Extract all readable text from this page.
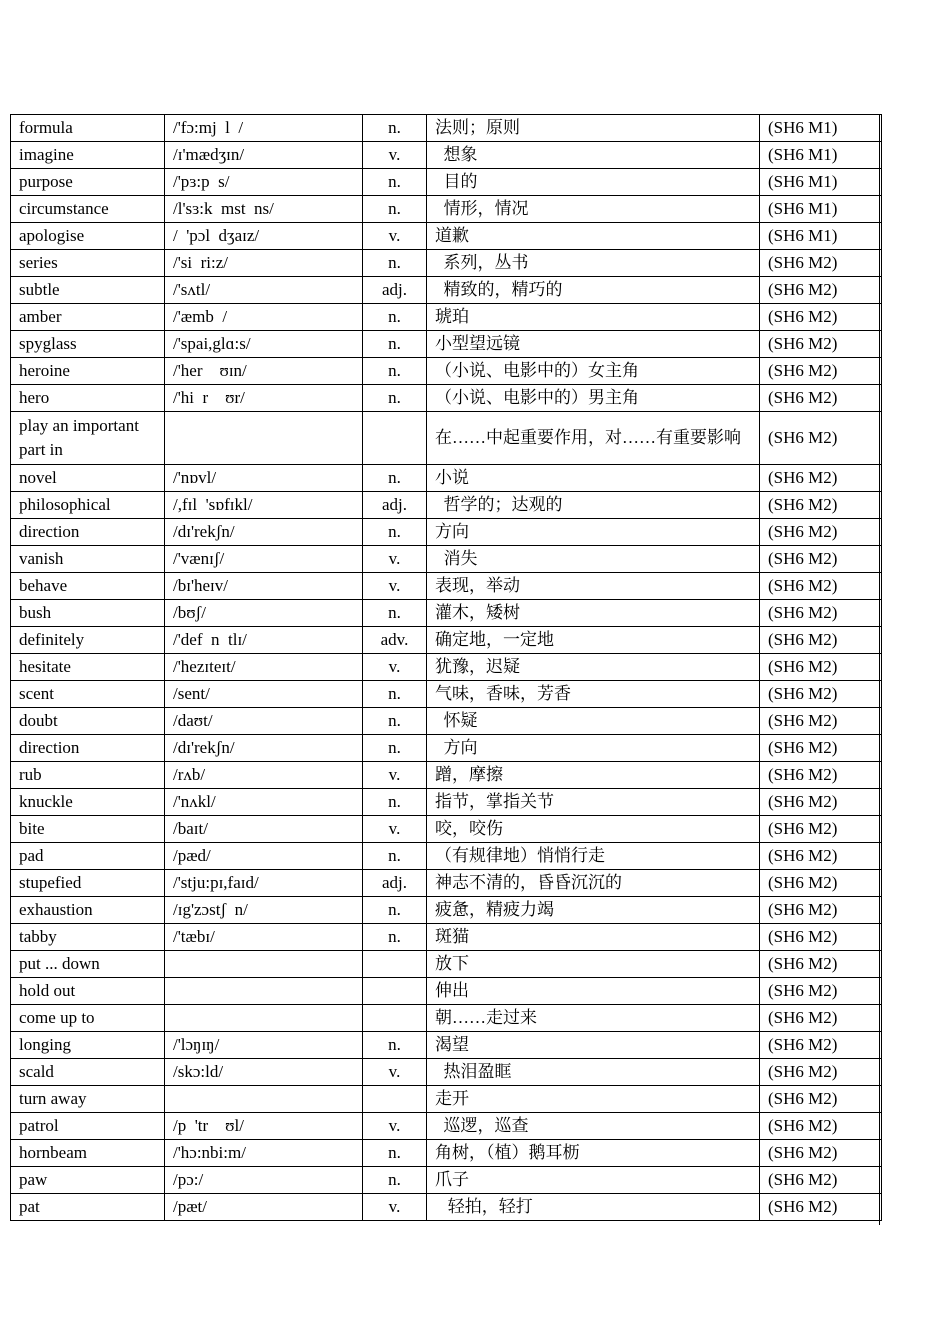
formula	/'fɔ:mj  l  /	n.	法则；原则	(SH6 M1)
imagine	/ɪ'mædʒɪn/	v.	想象	(SH6 M1)
purpose	/'pɜ:p  s/	n.	目的	(SH6 M1)
circumstance	/l'sɜ:k  mst  ns/	n.	情形，情况	(SH6 M1)
apologise	/  'pɔl  dʒaɪz/	v.	道歉	(SH6 M1)
series	/'si  ri:z/	n.	系列，丛书	(SH6 M2)
subtle	/'sʌtl/	adj.	精致的，精巧的	(SH6 M2)
amber	/'æmb  /	n.	琥珀	(SH6 M2)
spyglass	/'spai,glɑ:s/	n.	小型望远镜	(SH6 M2)
heroine	/'her    ʊɪn/	n.	（小说、电影中的）女主角	(SH6 M2)
hero	/'hi  r    ʊr/	n.	（小说、电影中的）男主角	(SH6 M2)
play an important part in			在……中起重要作用，对……有重要影响	(SH6 M2)
novel	/'nɒvl/	n.	小说	(SH6 M2)
philosophical	/,fɪl  'sɒfɪkl/	adj.	哲学的；达观的	(SH6 M2)
direction	/dɪ'rekʃn/	n.	方向	(SH6 M2)
vanish	/'vænɪʃ/	v.	消失	(SH6 M2)
behave	/bɪ'heɪv/	v.	表现，举动	(SH6 M2)
bush	/bʊʃ/	n.	灌木，矮树	(SH6 M2)
definitely	/'def  n  tlɪ/	adv.	确定地，一定地	(SH6 M2)
hesitate	/'hezɪteɪt/	v.	犹豫，迟疑	(SH6 M2)
scent	/sent/	n.	气味，香味，芳香	(SH6 M2)
doubt	/daʊt/	n.	怀疑	(SH6 M2)
direction	/dɪ'rekʃn/	n.	方向	(SH6 M2)
rub	/rʌb/	v.	蹭，摩擦	(SH6 M2)
knuckle	/'nʌkl/	n.	指节，掌指关节	(SH6 M2)
bite	/baɪt/	v.	咬，咬伤	(SH6 M2)
pad	/pæd/	n.	（有规律地）悄悄行走	(SH6 M2)
stupefied	/'stju:pɪ,faɪd/	adj.	神志不清的，昏昏沉沉的	(SH6 M2)
exhaustion	/ɪg'zɔstʃ  n/	n.	疲惫，精疲力竭	(SH6 M2)
tabby	/'tæbɪ/	n.	斑猫	(SH6 M2)
put ... down			放下	(SH6 M2)
hold out			伸出	(SH6 M2)
come up to			朝……走过来	(SH6 M2)
longing	/'lɔŋɪŋ/	n.	渴望	(SH6 M2)
scald	/skɔ:ld/	v.	热泪盈眶	(SH6 M2)
turn away			走开	(SH6 M2)
patrol	/p  'tr    ʊl/	v.	巡逻，巡查	(SH6 M2)
hornbeam	/'hɔ:nbi:m/	n.	角树，（植）鹅耳枥	(SH6 M2)
paw	/pɔ:/	n.	爪子	(SH6 M2)
pat	/pæt/	v.	轻拍，轻打	(SH6 M2)
